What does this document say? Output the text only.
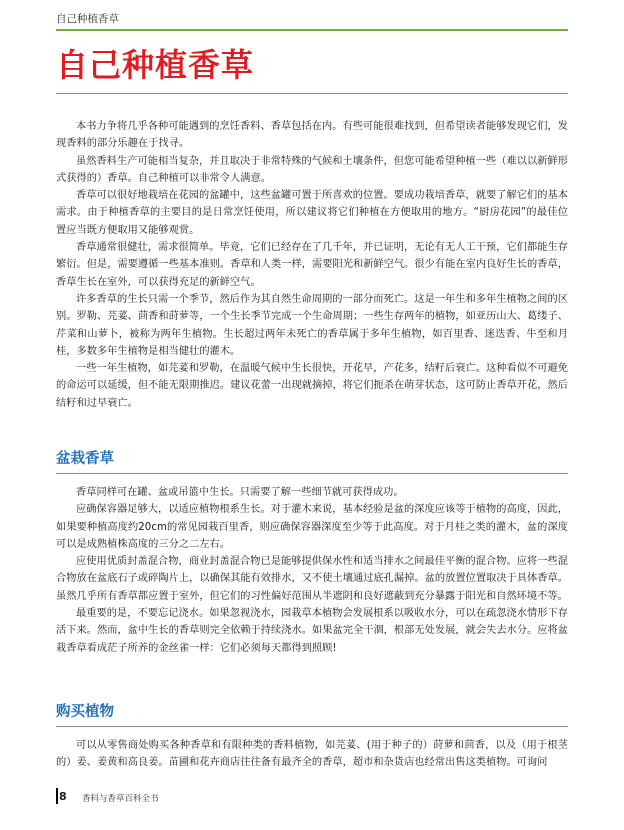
自己种植香草
自己种植香草

本书力争将几乎各种可能遇到的烹饪香料、香草包括在内。有些可能很难找到，但希望读者能够发现它们，发现香料的部分乐趣在于找寻。

虽然香料生产可能相当复杂，并且取决于非常特殊的气候和土壤条件，但您可能希望种植一些（难以以新鲜形式获得的）香草。自己种植可以非常令人满意。

香草可以很好地栽培在花园的盆罐中，这些盆罐可置于所喜欢的位置。要成功栽培香草，就要了解它们的基本需求。由于种植香草的主要目的是日常烹饪使用，所以建议将它们种植在方便取用的地方。“厨房花园”的最佳位置应当既方便取用又能够观赏。

香草通常很健壮，需求很简单。毕竟，它们已经存在了几千年，并已证明，无论有无人工干预，它们都能生存繁衍。但是，需要遵循一些基本准则。香草和人类一样，需要阳光和新鲜空气。很少有能在室内良好生长的香草，香草生长在室外，可以获得充足的新鲜空气。

许多香草的生长只需一个季节，然后作为其自然生命周期的一部分而死亡。这是一年生和多年生植物之间的区别。罗勒、芫荽、茴香和莳萝等，一个生长季节完成一个生命周期；一些生存两年的植物，如亚历山大、葛缕子、芹菜和山萝卜，被称为两年生植物。生长超过两年未死亡的香草属于多年生植物，如百里香、迷迭香、牛至和月桂，多数多年生植物是相当健壮的灌木。

一些一年生植物，如芫荽和罗勒，在温暖气候中生长很快，开花早，产花多，结籽后衰亡。这种看似不可避免的命运可以延缓，但不能无限期推迟。建议花蕾一出现就摘掉，将它们扼杀在萌芽状态，这可防止香草开花，然后结籽和过早衰亡。

盆栽香草

香草同样可在罐、盆或吊篮中生长。只需要了解一些细节就可获得成功。

应确保容器足够大，以适应植物根系生长。对于灌木来说，基本经验是盆的深度应该等于植物的高度，因此，如果要种植高度约20cm的常见园栽百里香，则应确保容器深度至少等于此高度。对于月桂之类的灌木，盆的深度可以是成熟植株高度的三分之二左右。

应使用优质封盖混合物，商业封盖混合物已是能够提供保水性和适当排水之间最佳平衡的混合物。应将一些混合物放在盆底石子或碎陶片上，以确保其能有效排水，又不使土壤通过底孔漏掉。盆的放置位置取决于具体香草。虽然几乎所有香草都应置于室外，但它们的习性偏好范围从半遮阴和良好遮蔽到充分暴露于阳光和自然环境不等。

最重要的是，不要忘记浇水。如果忽视浇水，园栽草本植物会发展根系以吸收水分，可以在疏忽浇水情形下存活下来。然而，盆中生长的香草则完全依赖于持续浇水。如果盆完全干涸，根部无处发展，就会失去水分。应将盆栽香草看成茫子所养的金丝雀一样：它们必须每天都得到照顾!

购买植物

可以从零售商处购买各种香草和有限种类的香料植物，如芫荽、(用于种子的）莳萝和茴香，以及（用于根茎的）姜、姜黄和高良姜。苗圃和花卉商店往往备有最齐全的香草，超市和杂货店也经常出售这类植物。可询问

8 香料与香草百科全书
